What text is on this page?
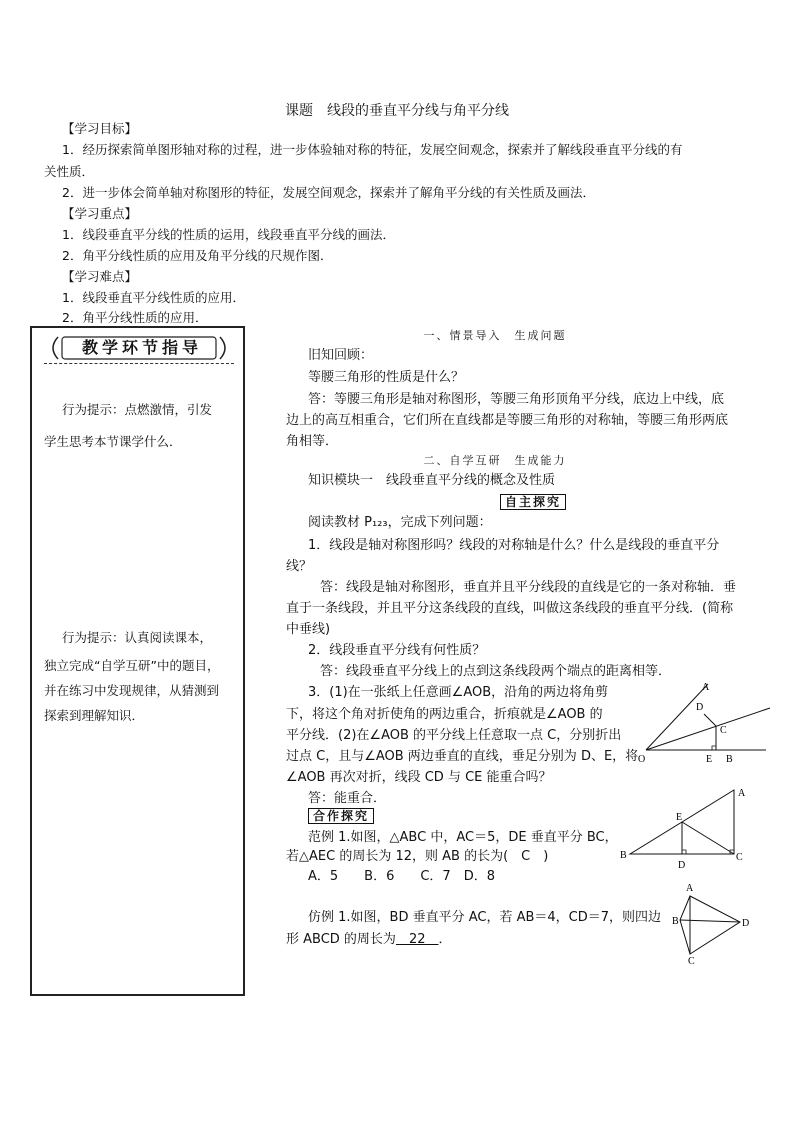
课题　线段的垂直平分线与角平分线
【学习目标】
1．经历探索简单图形轴对称的过程，进一步体验轴对称的特征，发展空间观念，探索并了解线段垂直平分线的有
关性质．
2．进一步体会简单轴对称图形的特征，发展空间观念，探索并了解角平分线的有关性质及画法．
【学习重点】
1．线段垂直平分线的性质的运用，线段垂直平分线的画法．
2．角平分线性质的应用及角平分线的尺规作图．
【学习难点】
1．线段垂直平分线性质的应用．
2．角平分线性质的应用．
教学环节指导
行为提示：点燃激情，引发
学生思考本节课学什么．
行为提示：认真阅读课本，
独立完成“自学互研”中的题目，
并在练习中发现规律，从猜测到
探索到理解知识．
一、情景导入　生成问题
旧知回顾：
等腰三角形的性质是什么？
答：等腰三角形是轴对称图形，等腰三角形顶角平分线，底边上中线，底
边上的高互相重合，它们所在直线都是等腰三角形的对称轴，等腰三角形两底
角相等．
二、自学互研　生成能力
知识模块一　线段垂直平分线的概念及性质
自主探究
阅读教材 P₁₂₃，完成下列问题：
1．线段是轴对称图形吗？线段的对称轴是什么？什么是线段的垂直平分
线？
答：线段是轴对称图形，垂直并且平分线段的直线是它的一条对称轴．垂
直于一条线段，并且平分这条线段的直线，叫做这条线段的垂直平分线．(简称
中垂线)
2．线段垂直平分线有何性质？
答：线段垂直平分线上的点到这条线段两个端点的距离相等．
3．(1)在一张纸上任意画∠AOB，沿角的两边将角剪
下，将这个角对折使角的两边重合，折痕就是∠AOB 的
平分线．(2)在∠AOB 的平分线上任意取一点 C，分别折出
过点 C，且与∠AOB 两边垂直的直线，垂足分别为 D、E，将
∠AOB 再次对折，线段 CD 与 CE 能重合吗？
答：能重合．
A
D
C
O	E B
合作探究
范例 1.如图，△ABC 中，AC＝5，DE 垂直平分 BC，
若△AEC 的周长为 12，则 AB 的长为(　C　)
A．5　　B．6　　C．7　D．8
A
E
B
D
C
仿例 1.如图，BD 垂直平分 AC，若 AB＝4，CD＝7，则四边
形 ABCD 的周长为　22　．
A
B	D
C
